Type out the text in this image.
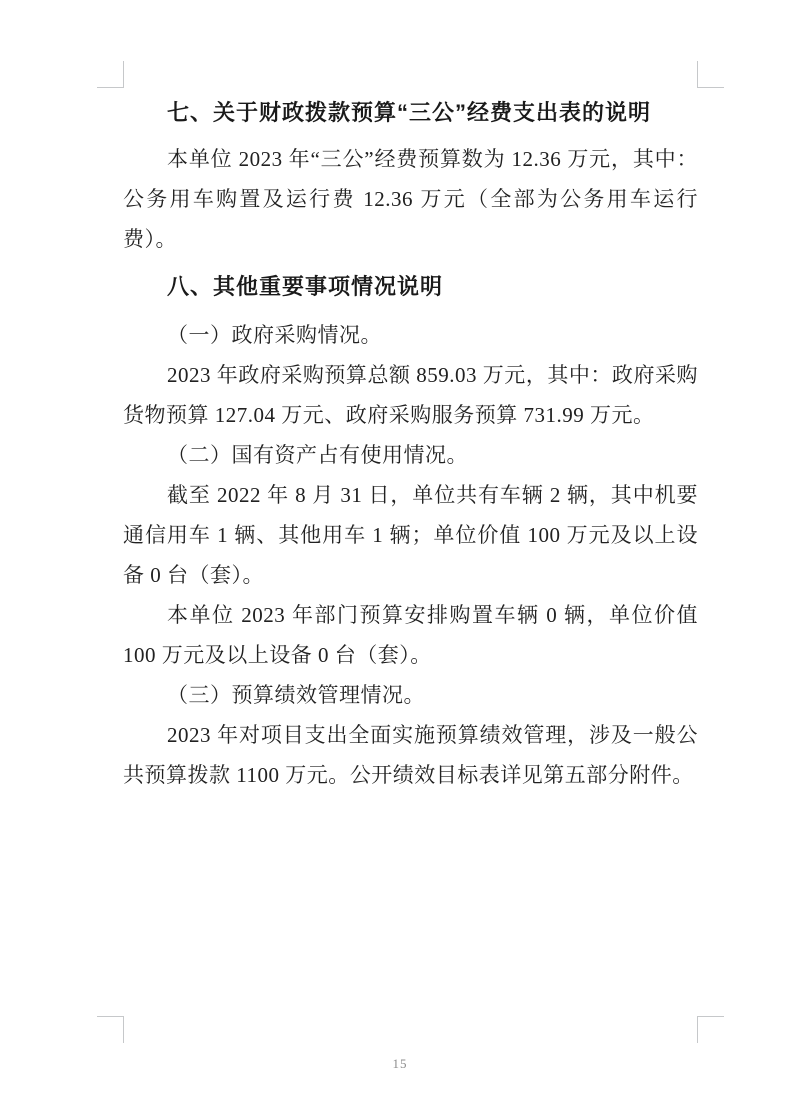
七、关于财政拨款预算“三公”经费支出表的说明

本单位 2023 年“三公”经费预算数为 12.36 万元，其中：公务用车购置及运行费 12.36 万元（全部为公务用车运行费）。

八、其他重要事项情况说明

（一）政府采购情况。

2023 年政府采购预算总额 859.03 万元，其中：政府采购货物预算 127.04 万元、政府采购服务预算 731.99 万元。

（二）国有资产占有使用情况。

截至 2022 年 8 月 31 日，单位共有车辆 2 辆，其中机要通信用车 1 辆、其他用车 1 辆；单位价值 100 万元及以上设备 0 台（套）。

本单位 2023 年部门预算安排购置车辆 0 辆，单位价值 100 万元及以上设备 0 台（套）。

（三）预算绩效管理情况。

2023 年对项目支出全面实施预算绩效管理，涉及一般公共预算拨款 1100 万元。公开绩效目标表详见第五部分附件。

15
